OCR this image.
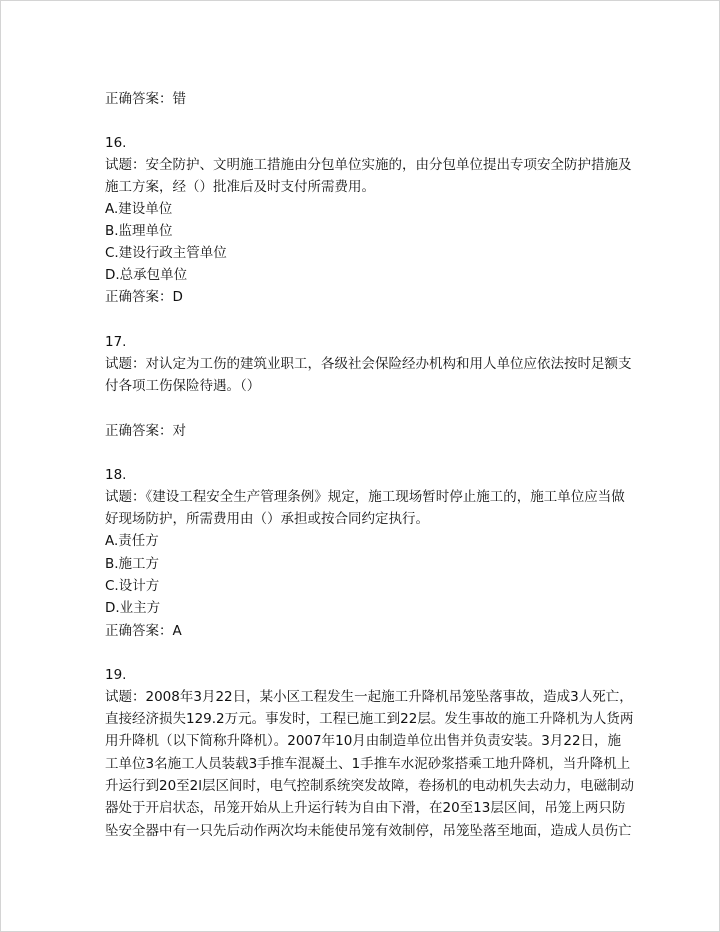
正确答案：错
16.
试题：安全防护、文明施工措施由分包单位实施的，由分包单位提出专项安全防护措施及
施工方案，经（）批准后及时支付所需费用。
A.建设单位
B.监理单位
C.建设行政主管单位
D.总承包单位
正确答案：D
17.
试题：对认定为工伤的建筑业职工，各级社会保险经办机构和用人单位应依法按时足额支
付各项工伤保险待遇。（）
正确答案：对
18.
试题：《建设工程安全生产管理条例》规定，施工现场暂时停止施工的，施工单位应当做
好现场防护，所需费用由（）承担或按合同约定执行。
A.责任方
B.施工方
C.设计方
D.业主方
正确答案：A
19.
试题：2008年3月22日，某小区工程发生一起施工升降机吊笼坠落事故，造成3人死亡，
直接经济损失129.2万元。事发时，工程已施工到22层。发生事故的施工升降机为人货两
用升降机（以下简称升降机）。2007年10月由制造单位出售并负责安装。3月22日，施
工单位3名施工人员装载3手推车混凝土、1手推车水泥砂浆搭乘工地升降机，当升降机上
升运行到20至2l层区间时，电气控制系统突发故障，卷扬机的电动机失去动力，电磁制动
器处于开启状态，吊笼开始从上升运行转为自由下滑，在20至13层区间，吊笼上两只防
坠安全器中有一只先后动作两次均未能使吊笼有效制停，吊笼坠落至地面，造成人员伤亡
